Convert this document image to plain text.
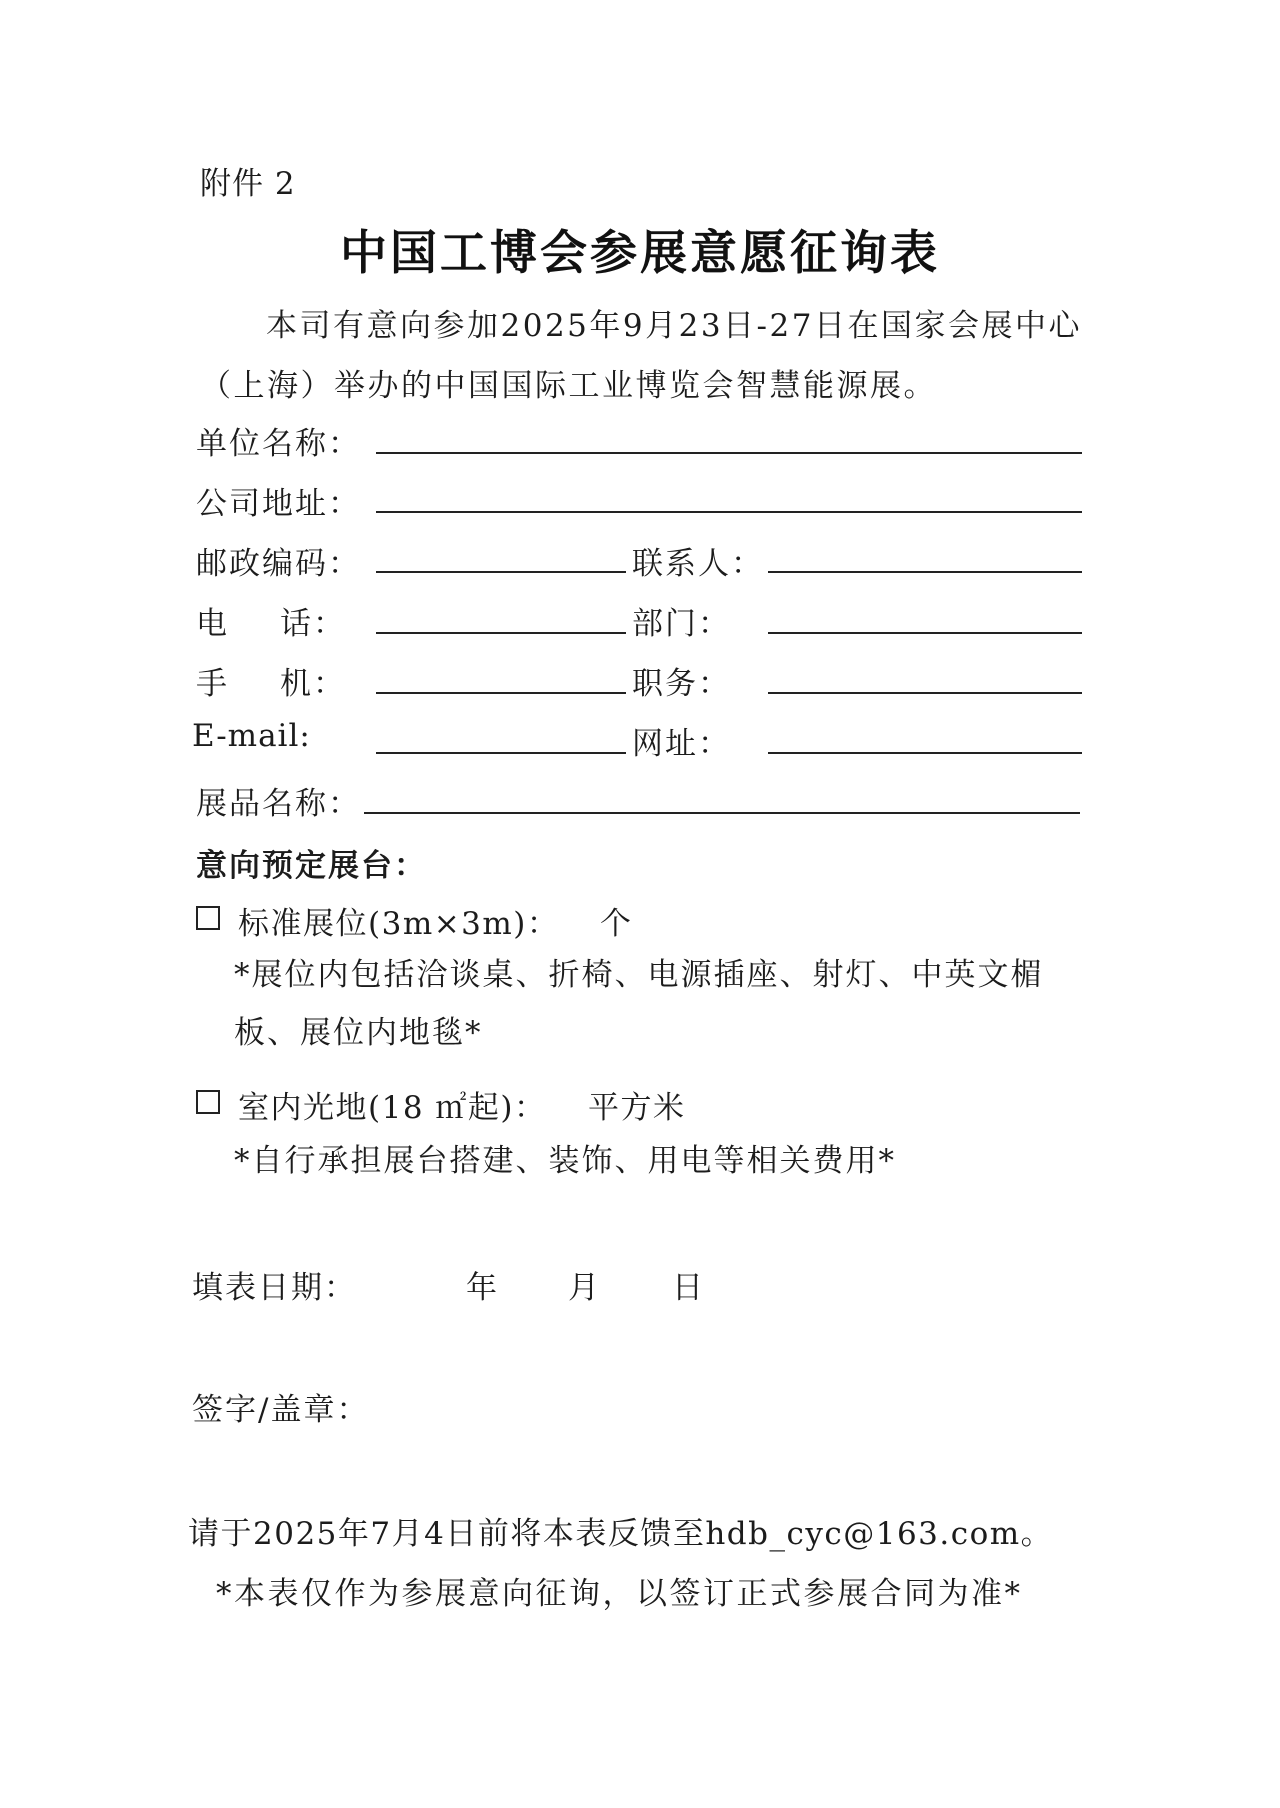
附件 2
中国工博会参展意愿征询表
本司有意向参加2025年9月23日-27日在国家会展中心
（上海）举办的中国国际工业博览会智慧能源展。
单位名称：
公司地址：
邮政编码：	联系人：
电 话：	部 门：
手 机：	职 务：
E-mail:	网 址：
展品名称：
意向预定展台：
标准展位(3m×3m)： 个
*展位内包括洽谈桌、折椅、电源插座、射灯、中英文楣
板、展位内地毯*
室内光地(18 ㎡起)： 平方米
*自行承担展台搭建、装饰、用电等相关费用*
填表日期：	年 月 日
签字/盖章：
请于2025年7月4日前将本表反馈至hdb_cyc@163.com。
*本表仅作为参展意向征询，以签订正式参展合同为准*
